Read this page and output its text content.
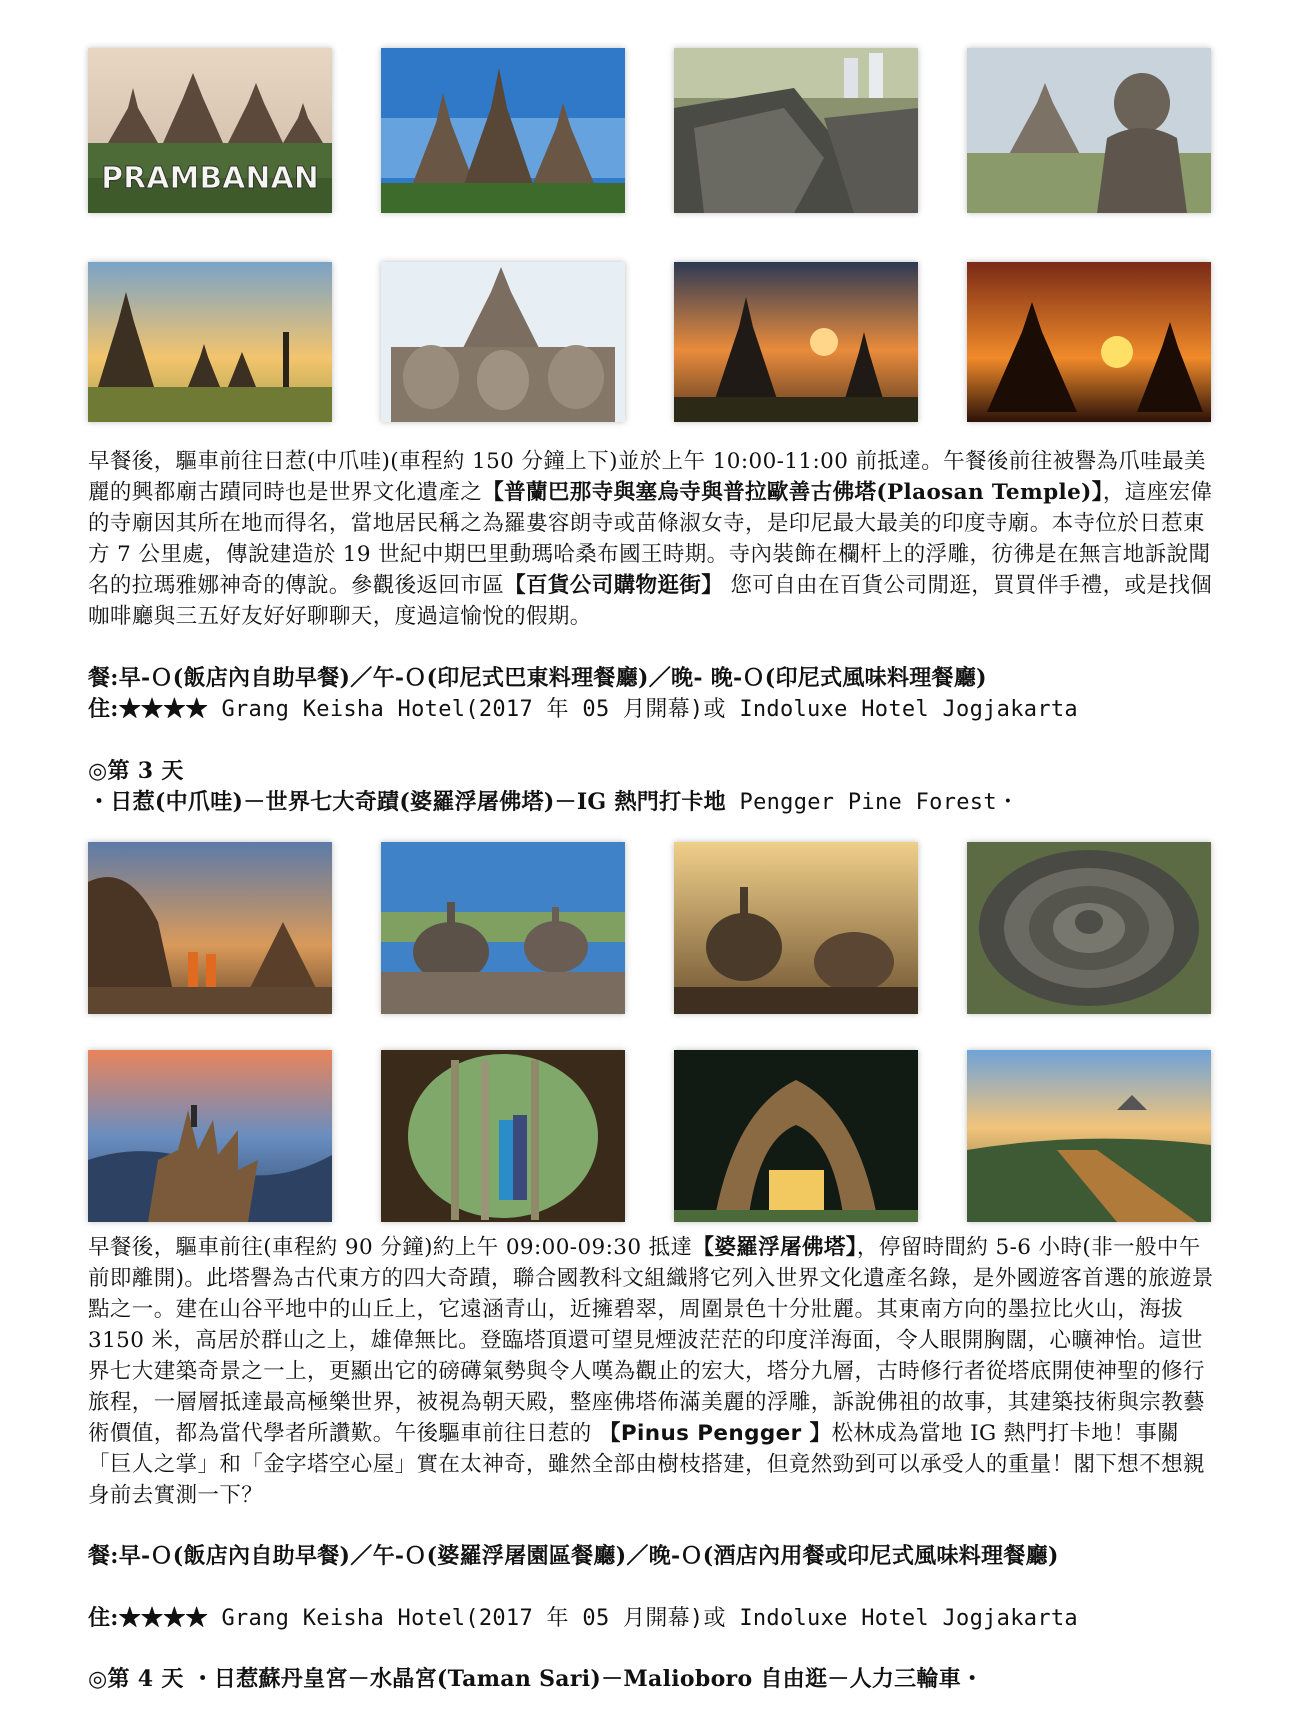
PRAMBANAN

早餐後，驅車前往日惹(中爪哇)(車程約 150 分鐘上下)並於上午 10:00-11:00 前抵達。午餐後前往被譽為爪哇最美麗的興都廟古蹟同時也是世界文化遺產之【普蘭巴那寺與塞烏寺與普拉歐善古佛塔(Plaosan Temple)】，這座宏偉的寺廟因其所在地而得名，當地居民稱之為羅婁容朗寺或苗條淑女寺，是印尼最大最美的印度寺廟。本寺位於日惹東方 7 公里處，傳說建造於 19 世紀中期巴里動瑪哈桑布國王時期。寺內裝飾在欄杆上的浮雕，彷彿是在無言地訴說聞名的拉瑪雅娜神奇的傳說。參觀後返回市區【百貨公司購物逛街】 您可自由在百貨公司閒逛，買買伴手禮，或是找個咖啡廳與三五好友好好聊聊天，度過這愉悅的假期。

餐:早-Ｏ(飯店內自助早餐)／午-Ｏ(印尼式巴東料理餐廳)／晚- 晚-Ｏ(印尼式風味料理餐廳)
住:★★★★ Grang Keisha Hotel(2017 年 05 月開幕)或 Indoluxe Hotel Jogjakarta
◎第 3 天
・日惹(中爪哇)－世界七大奇蹟(婆羅浮屠佛塔)－IG 熱門打卡地 Pengger Pine Forest・

早餐後，驅車前往(車程約 90 分鐘)約上午 09:00-09:30 抵達【婆羅浮屠佛塔】，停留時間約 5-6 小時(非一般中午前即離開)。此塔譽為古代東方的四大奇蹟，聯合國教科文組織將它列入世界文化遺產名錄，是外國遊客首選的旅遊景點之一。建在山谷平地中的山丘上，它遠涵青山，近擁碧翠，周圍景色十分壯麗。其東南方向的墨拉比火山，海拔 3150 米，高居於群山之上，雄偉無比。登臨塔頂還可望見煙波茫茫的印度洋海面，令人眼開胸闊，心曠神怡。這世界七大建築奇景之一上，更顯出它的磅礡氣勢與令人嘆為觀止的宏大，塔分九層，古時修行者從塔底開使神聖的修行旅程，一層層抵達最高極樂世界，被視為朝天殿，整座佛塔佈滿美麗的浮雕，訴說佛祖的故事，其建築技術與宗教藝術價值，都為當代學者所讚歎。午後驅車前往日惹的 【Pinus Pengger 】松林成為當地 IG 熱門打卡地！事關「巨人之掌」和「金字塔空心屋」實在太神奇，雖然全部由樹枝搭建，但竟然勁到可以承受人的重量！閣下想不想親身前去實測一下？

餐:早-Ｏ(飯店內自助早餐)／午-Ｏ(婆羅浮屠園區餐廳)／晚-Ｏ(酒店內用餐或印尼式風味料理餐廳)
住:★★★★ Grang Keisha Hotel(2017 年 05 月開幕)或 Indoluxe Hotel Jogjakarta
◎第 4 天 ・日惹蘇丹皇宮－水晶宮(Taman Sari)－Malioboro 自由逛－人力三輪車・
